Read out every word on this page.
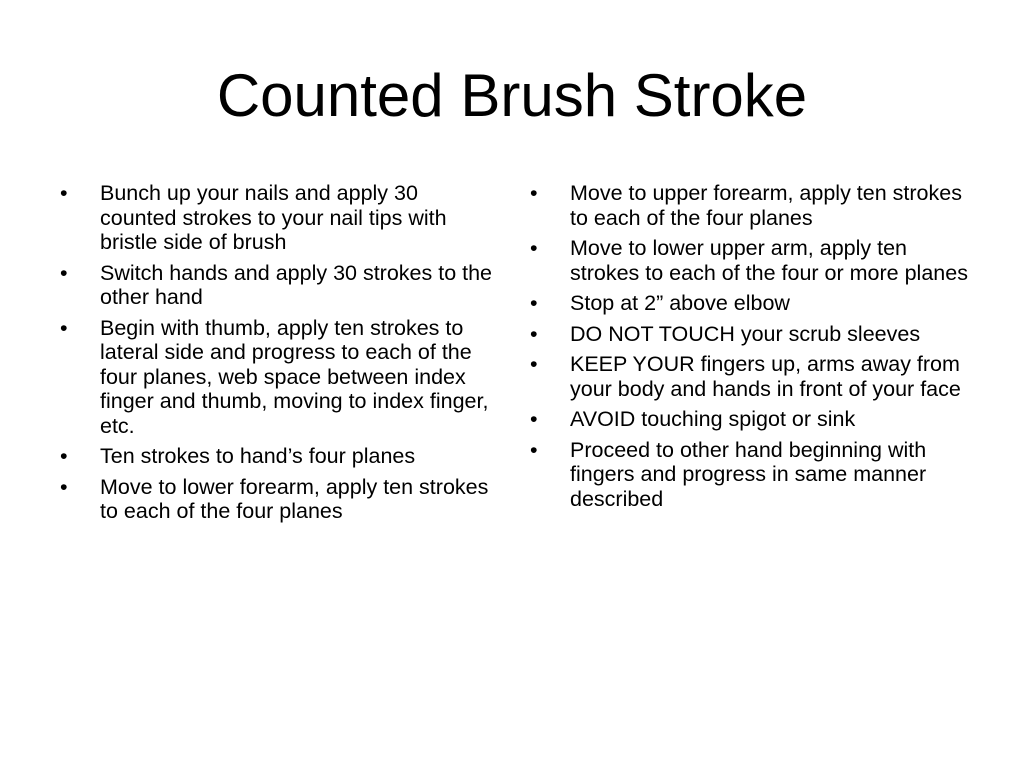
Counted Brush Stroke
•	Bunch up your nails and apply 30 counted strokes to your nail tips with bristle side of brush
•	Switch hands and apply 30 strokes to the other hand
•	Begin with thumb, apply ten strokes to lateral side and progress to each of the four planes, web space between index finger and thumb, moving to index finger, etc.
•	Ten strokes to hand’s four planes
•	Move to lower forearm, apply ten strokes to each of the four planes
•	Move to upper forearm, apply ten strokes to each of the four planes
•	Move to lower upper arm, apply ten strokes to each of the four or more planes
•	Stop at 2” above elbow
•	DO NOT TOUCH your scrub sleeves
•	KEEP YOUR fingers up, arms away from your body and hands in front of your face
•	AVOID touching spigot or sink
•	Proceed to other hand beginning with fingers and progress in same manner described
